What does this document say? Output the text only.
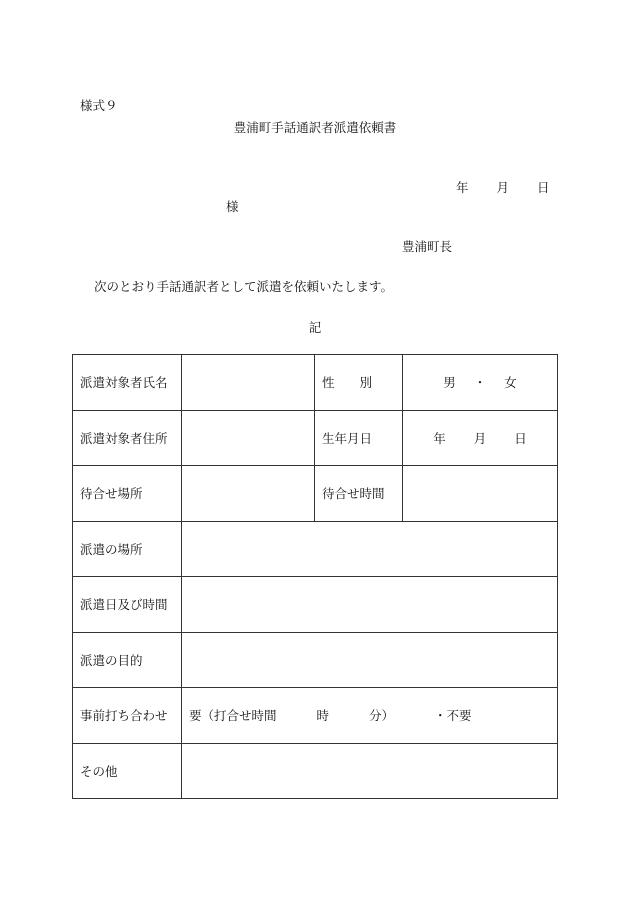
様式９
豊浦町手話通訳者派遣依頼書
年 月 日
様
豊浦町長
次のとおり手話通訳者として派遣を依頼いたします。
記
派遣対象者氏名		性　　別	男 ・ 女
派遣対象者住所		生年月日	年 月 日
待合せ場所		待合せ時間	
派遣の場所			
派遣日及び時間			
派遣の目的			
事前打ち合わせ	要（打合せ時間 時 分） ・不要		
その他			
